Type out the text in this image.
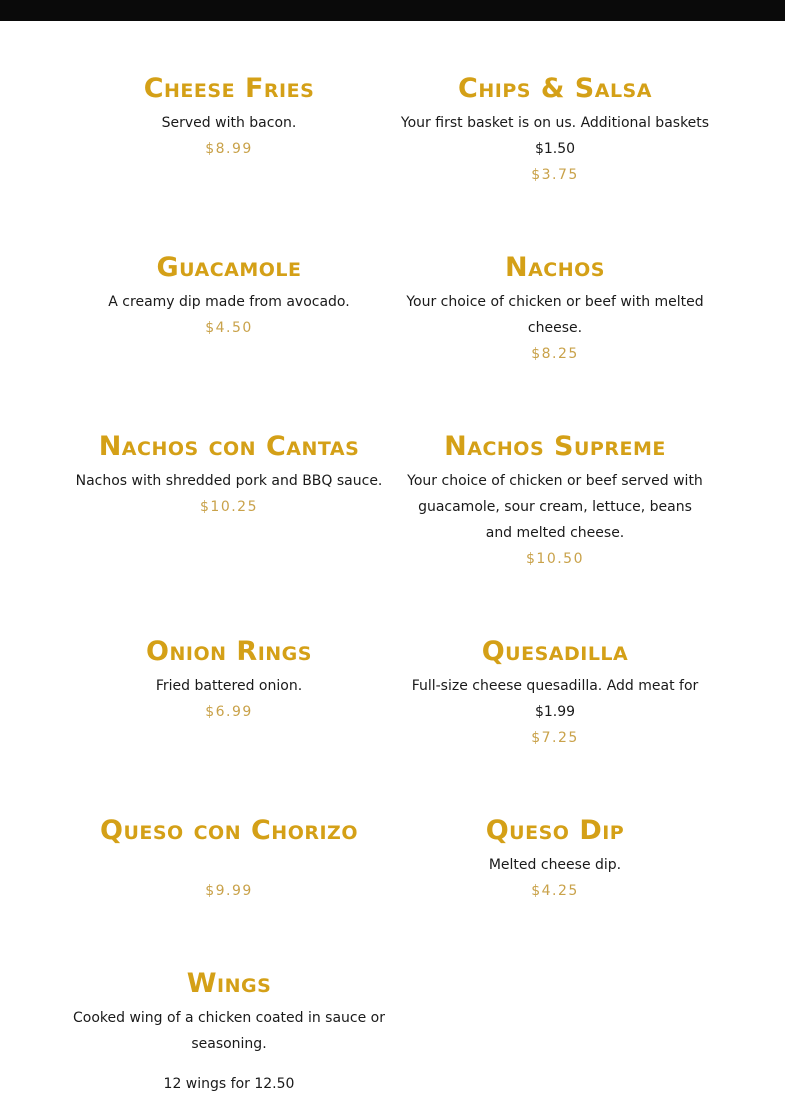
Cheese Fries
Served with bacon.
$8.99
Chips & Salsa
Your first basket is on us. Additional baskets
$1.50
$3.75
Guacamole
A creamy dip made from avocado.
$4.50
Nachos
Your choice of chicken or beef with melted cheese.
$8.25
Nachos con Cantas
Nachos with shredded pork and BBQ sauce.
$10.25
Nachos Supreme
Your choice of chicken or beef served with guacamole, sour cream, lettuce, beans and melted cheese.
$10.50
Onion Rings
Fried battered onion.
$6.99
Quesadilla
Full-size cheese quesadilla. Add meat for
$1.99
$7.25
Queso con Chorizo
$9.99
Queso Dip
Melted cheese dip.
$4.25
Wings
Cooked wing of a chicken coated in sauce or seasoning.
12 wings for 12.50
